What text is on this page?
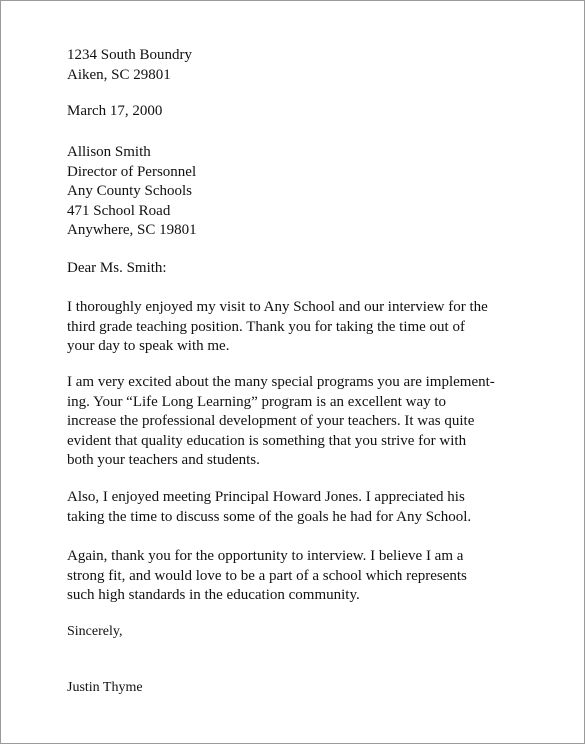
1234 South Boundry
Aiken, SC 29801
March 17, 2000
Allison Smith
Director of Personnel
Any County Schools
471 School Road
Anywhere, SC 19801
Dear Ms. Smith:
I thoroughly enjoyed my visit to Any School and our interview for the
third grade teaching position. Thank you for taking the time out of
your day to speak with me.
I am very excited about the many special programs you are implement-
ing. Your “Life Long Learning” program is an excellent way to
increase the professional development of your teachers. It was quite
evident that quality education is something that you strive for with
both your teachers and students.
Also, I enjoyed meeting Principal Howard Jones. I appreciated his
taking the time to discuss some of the goals he had for Any School.
Again, thank you for the opportunity to interview. I believe I am a
strong fit, and would love to be a part of a school which represents
such high standards in the education community.
Sincerely,
Justin Thyme
